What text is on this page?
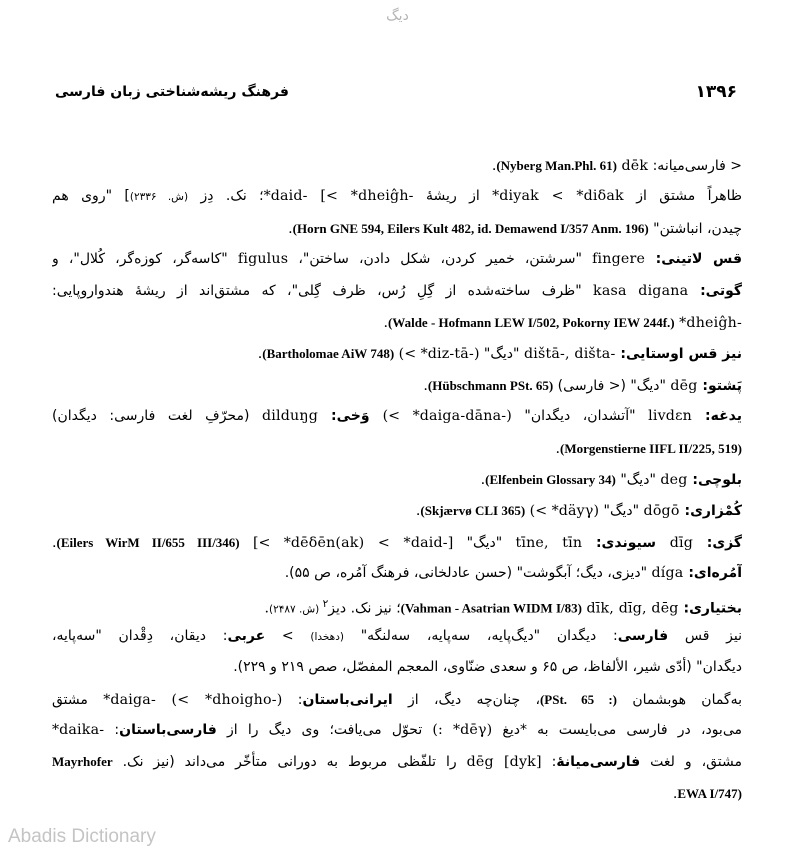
دیگ
فرهنگ ریشه‌شناختی زبان فارسی	۱۳۹۶
< فارسی‌میانه: dēk (Nyberg Man.Phl. 61).
ظاهراً مشتق از *diyak < *diδak از ریشهٔ *daid- [< *dheiĝh-؛ نک. دِز (ش. ۲۳۳۶)] "روی هم
چیدن، انباشتن" (Horn GNE 594, Eilers Kult 482, id. Demawend I/357 Anm. 196).
قس لاتینی: fingere "سرشتن، خمیر کردن، شکل دادن، ساختن"، figulus "کاسه‌گر، کوزه‌گر، کُلال"، و
گوتی: kasa digana "ظرف ساخته‌شده از گِلِ رُس، ظرف گِلی"، که مشتق‌اند از ریشهٔ هندواروپایی:
*dheiĝh- (Walde - Hofmann LEW I/502, Pokorny IEW 244f.).
نیز قس اوستایی: dištā-, dišta- "دیگ" (< *diz-tā-) (Bartholomae AiW 748).
پَشتو: dēg "دیگ" (< فارسی) (Hübschmann PSt. 65).
یدغه: livdɛn "آتشدان، دیگدان" (< *daiga-dāna-) وَخی: dilduŋg (محرّفِ لغت فارسی: دیگدان)
(Morgenstierne IIFL II/225, 519).
بلوچی: deg "دیگ" (Elfenbein Glossary 34).
کُمْزاری: dōgō "دیگ" (< *däyγ) (Skjærvø CLI 365).
گزی: dīg سیوندی: tīne, tīn "دیگ" [< *dēδēn(ak) < *daid-] (Eilers WirM II/655 III/346).
آمُره‌ای: díga "دیزی، دیگ؛ آبگوشت" (حسن عادلخانی، فرهنگ آمُره، ص ۵۵).
بختیاری: dīk, dīg, dēg (Vahman - Asatrian WIDM I/83)؛ نیز نک. دیز$^۲$ (ش. ۲۴۸۷).
نیز قس فارسی: دیگدان "دیگ‌پایه، سه‌پایه، سه‌لنگه" (دهخدا) > عربی: دیقان، دِقْدان "سه‌پایه،
دیگدان" (أدّی شیر، الألفاظ، ص ۶۵ و سعدی ضنّاوی، المعجم المفصّل، صص ۲۱۹ و ۲۲۹).
به‌گمان هوبشمان (PSt. 65 :)، چنان‌چه دیگ، از ایرانی‌باستان: *daiga- (< *dhoigho-) مشتق
می‌بود، در فارسی می‌بایست به *دیغ (: *dēγ) تحوّل می‌یافت؛ وی دیگ را از فارسی‌باستان: *daika-
مشتق، و لغت فارسی‌میانهٔ: dēg [dyk] را تلفّظی مربوط به دورانی متأخّر می‌داند (نیز نک. Mayrhofer
EWA I/747).
Abadis Dictionary
